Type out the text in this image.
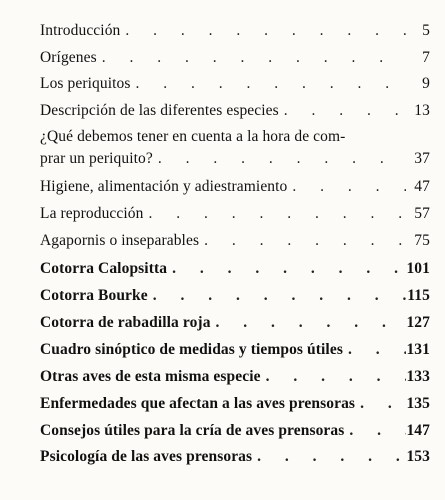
Introducción . . .	5
Orígenes . . .	7
Los periquitos . . .	9
Descripción de las diferentes especies . . .	13
¿Qué debemos tener en cuenta a la hora de com-
prar un periquito? . . .	37
Higiene, alimentación y adiestramiento . . .	47
La reproducción . . .	57
Agapornis o inseparables . . .	75
Cotorra Calopsitta . . .	101
Cotorra Bourke . . .	115
Cotorra de rabadilla roja . . .	127
Cuadro sinóptico de medidas y tiempos útiles . . .	131
Otras aves de esta misma especie . . .	133
Enfermedades que afectan a las aves prensoras . . .	135
Consejos útiles para la cría de aves prensoras . . .	147
Psicología de las aves prensoras . . .	153
